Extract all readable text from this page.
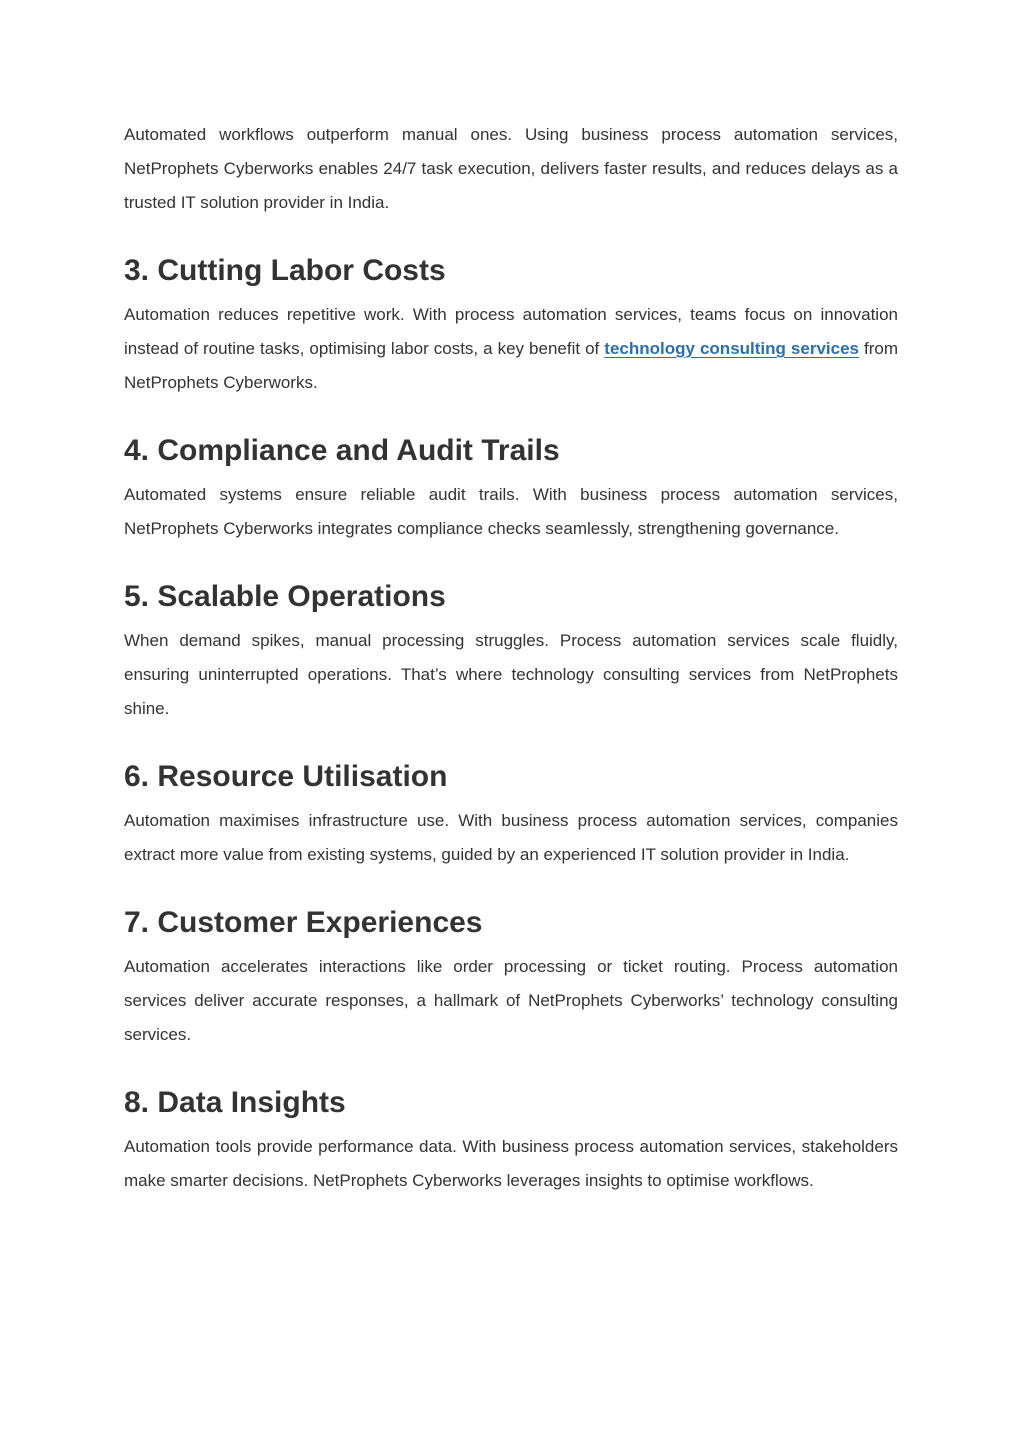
Automated workflows outperform manual ones. Using business process automation services, NetProphets Cyberworks enables 24/7 task execution, delivers faster results, and reduces delays as a trusted IT solution provider in India.

3. Cutting Labor Costs

Automation reduces repetitive work. With process automation services, teams focus on innovation instead of routine tasks, optimising labor costs, a key benefit of technology consulting services from NetProphets Cyberworks.

4. Compliance and Audit Trails

Automated systems ensure reliable audit trails. With business process automation services, NetProphets Cyberworks integrates compliance checks seamlessly, strengthening governance.

5. Scalable Operations

When demand spikes, manual processing struggles. Process automation services scale fluidly, ensuring uninterrupted operations. That’s where technology consulting services from NetProphets shine.

6. Resource Utilisation

Automation maximises infrastructure use. With business process automation services, companies extract more value from existing systems, guided by an experienced IT solution provider in India.

7. Customer Experiences

Automation accelerates interactions like order processing or ticket routing. Process automation services deliver accurate responses, a hallmark of NetProphets Cyberworks’ technology consulting services.

8. Data Insights

Automation tools provide performance data. With business process automation services, stakeholders make smarter decisions. NetProphets Cyberworks leverages insights to optimise workflows.
